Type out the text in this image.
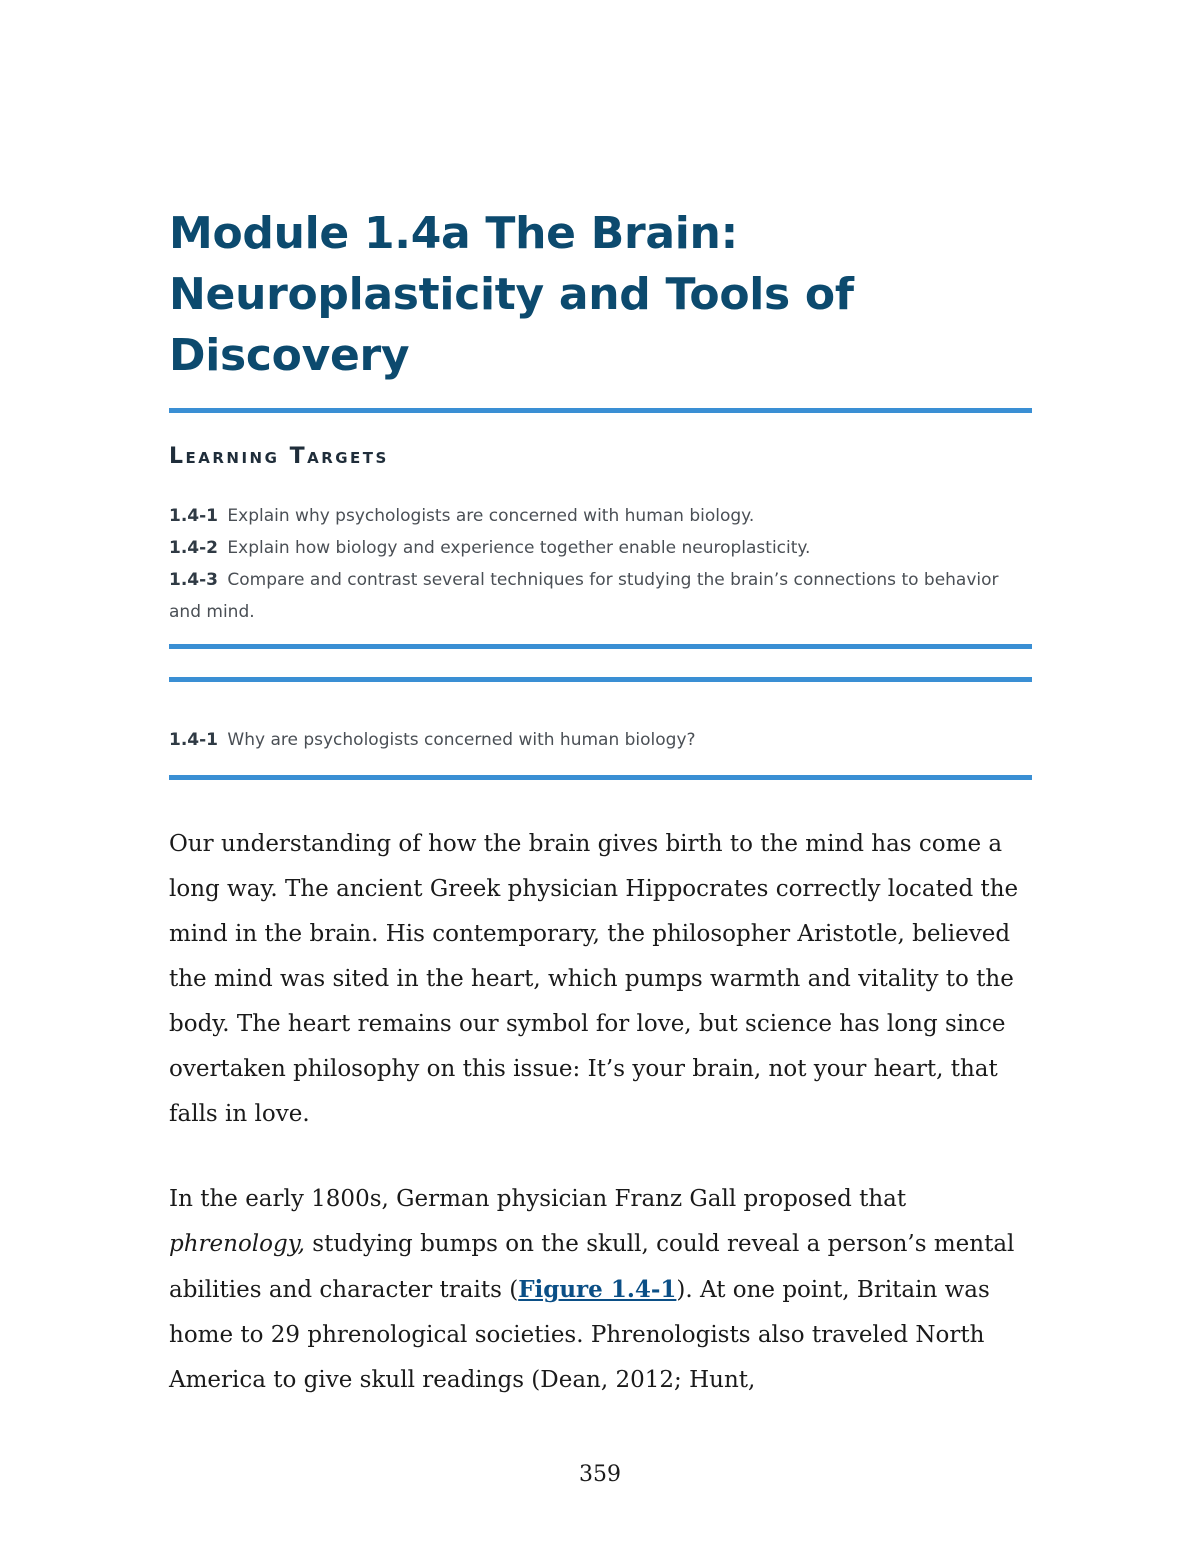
Module 1.4a The Brain: Neuroplasticity and Tools of Discovery
Learning Targets
1.4-1 Explain why psychologists are concerned with human biology.
1.4-2 Explain how biology and experience together enable neuroplasticity.
1.4-3 Compare and contrast several techniques for studying the brain’s connections to behavior and mind.

1.4-1 Why are psychologists concerned with human biology?

Our understanding of how the brain gives birth to the mind has come a long way. The ancient Greek physician Hippocrates correctly located the mind in the brain. His contemporary, the philosopher Aristotle, believed the mind was sited in the heart, which pumps warmth and vitality to the body. The heart remains our symbol for love, but science has long since overtaken philosophy on this issue: It’s your brain, not your heart, that falls in love.

In the early 1800s, German physician Franz Gall proposed that phrenology, studying bumps on the skull, could reveal a person’s mental abilities and character traits (Figure 1.4-1). At one point, Britain was home to 29 phrenological societies. Phrenologists also traveled North America to give skull readings (Dean, 2012; Hunt,

359
